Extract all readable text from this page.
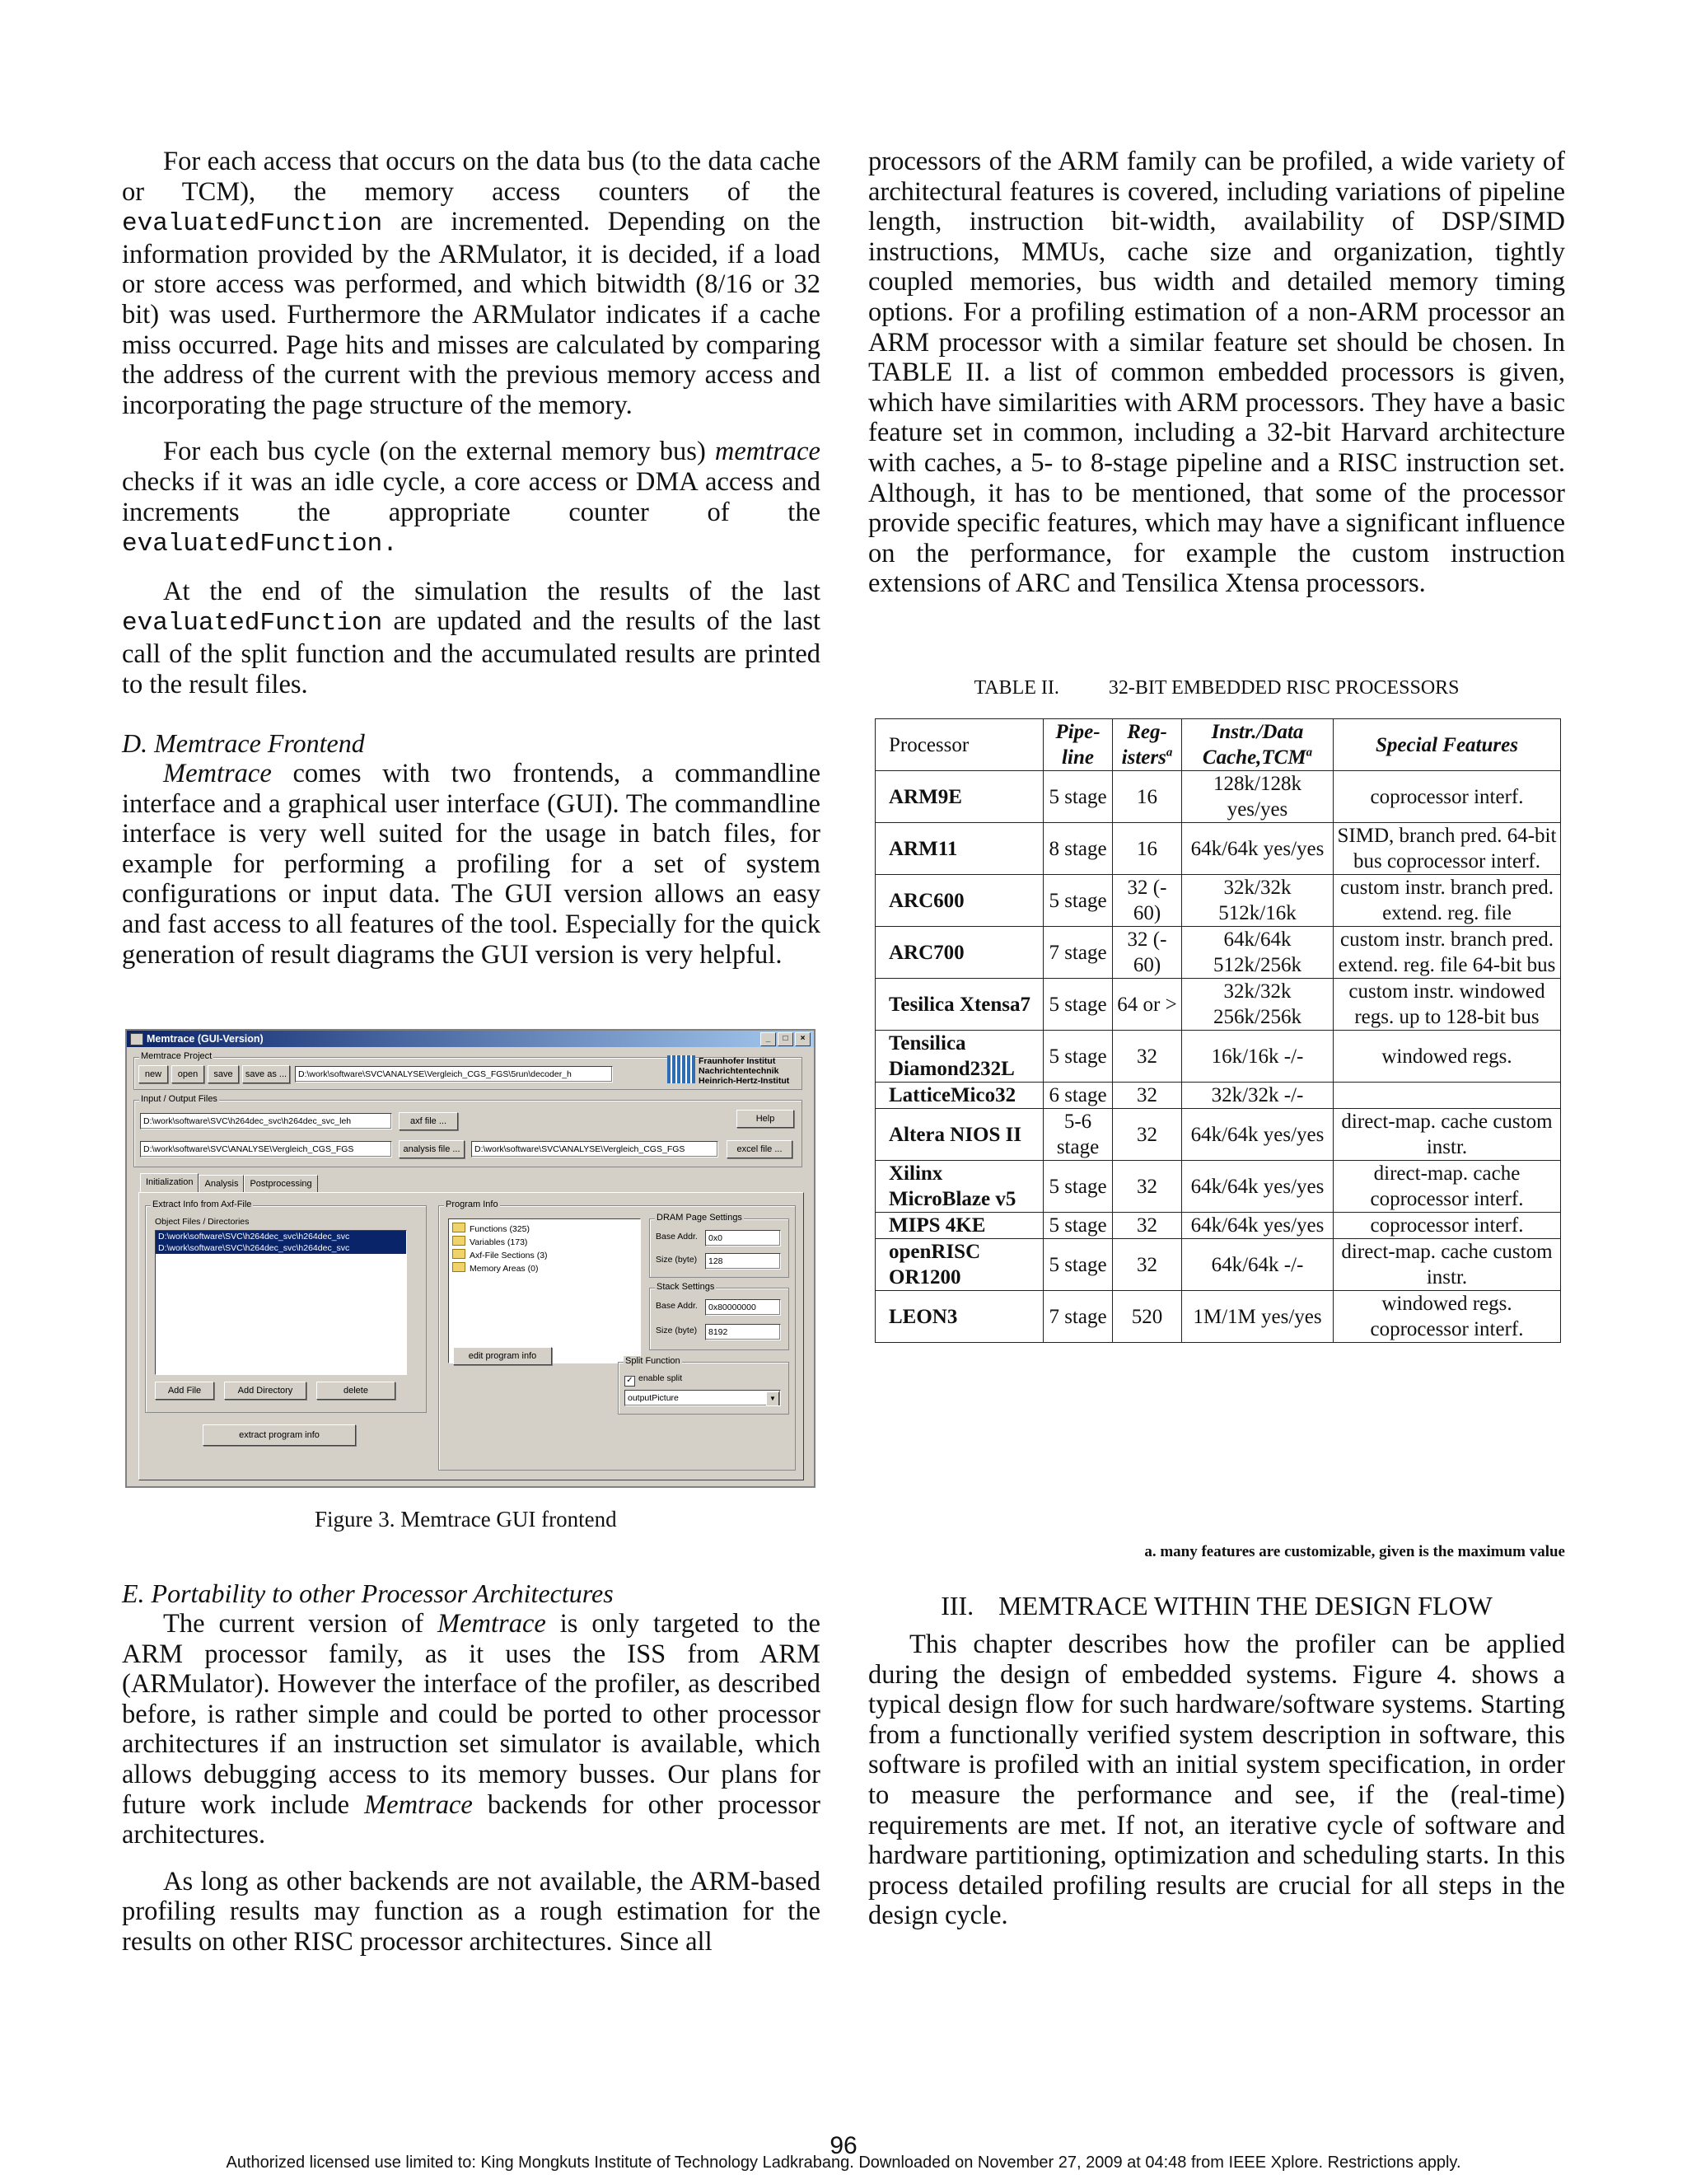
For each access that occurs on the data bus (to the data cache or TCM), the memory access counters of the evaluatedFunction are incremented. Depending on the information provided by the ARMulator, it is decided, if a load or store access was performed, and which bitwidth (8/16 or 32 bit) was used. Furthermore the ARMulator indicates if a cache miss occurred. Page hits and misses are calculated by comparing the address of the current with the previous memory access and incorporating the page structure of the memory.

For each bus cycle (on the external memory bus) memtrace checks if it was an idle cycle, a core access or DMA access and increments the appropriate counter of the evaluatedFunction.

At the end of the simulation the results of the last evaluatedFunction are updated and the results of the last call of the split function and the accumulated results are printed to the result files.

D. Memtrace Frontend

Memtrace comes with two frontends, a commandline interface and a graphical user interface (GUI). The commandline interface is very well suited for the usage in batch files, for example for performing a profiling for a set of system configurations or input data. The GUI version allows an easy and fast access to all features of the tool. Especially for the quick generation of result diagrams the GUI version is very helpful.

Memtrace (GUI-Version)	_	□	×
Memtrace Project
new	open	save	save as ...	D:\work\software\SVC\ANALYSE\Vergleich_CGS_FGS\5run\decoder_h
Fraunhofer Institut
Nachrichtentechnik
Heinrich-Hertz-Institut
Input / Output Files
D:\work\software\SVC\h264dec_svc\h264dec_svc_leh	axf file ...	Help
D:\work\software\SVC\ANALYSE\Vergleich_CGS_FGS	analysis file ...	D:\work\software\SVC\ANALYSE\Vergleich_CGS_FGS	excel file ...
Initialization	Analysis	Postprocessing
Extract Info from Axf-File
Object Files / Directories
D:\work\software\SVC\h264dec_svc\h264dec_svc
D:\work\software\SVC\h264dec_svc\h264dec_svc
Add File	Add Directory	delete
extract program info
Program Info
Functions (325)
Variables (173)
Axf-File Sections (3)
Memory Areas (0)
edit program info
DRAM Page Settings
Base Addr.	0x0
Size (byte)	128
Stack Settings
Base Addr.	0x80000000
Size (byte)	8192
Split Function
✓ enable split
outputPicture	▼
Figure 3. Memtrace GUI frontend
E. Portability to other Processor Architectures

The current version of Memtrace is only targeted to the ARM processor family, as it uses the ISS from ARM (ARMulator). However the interface of the profiler, as described before, is rather simple and could be ported to other processor architectures if an instruction set simulator is available, which allows debugging access to its memory busses. Our plans for future work include Memtrace backends for other processor architectures.

As long as other backends are not available, the ARM-based profiling results may function as a rough estimation for the results on other RISC processor architectures. Since all

processors of the ARM family can be profiled, a wide variety of architectural features is covered, including variations of pipeline length, instruction bit-width, availability of DSP/SIMD instructions, MMUs, cache size and organization, tightly coupled memories, bus width and detailed memory timing options. For a profiling estimation of a non-ARM processor an ARM processor with a similar feature set should be chosen. In TABLE II. a list of common embedded processors is given, which have similarities with ARM processors. They have a basic feature set in common, including a 32-bit Harvard architecture with caches, a 5- to 8-stage pipeline and a RISC instruction set. Although, it has to be mentioned, that some of the processor provide specific features, which may have a significant influence on the performance, for example the custom instruction extensions of ARC and Tensilica Xtensa processors.

TABLE II.	32-BIT EMBEDDED RISC PROCESSORS
Processor	Pipe-line	Reg-isters$^a$	Instr./Data Cache,TCM$^a$	Special Features
ARM9E	5 stage	16	128k/128k yes/yes	coprocessor interf.
ARM11	8 stage	16	64k/64k yes/yes	SIMD, branch pred. 64-bit bus coprocessor interf.
ARC600	5 stage	32 (- 60)	32k/32k 512k/16k	custom instr. branch pred. extend. reg. file
ARC700	7 stage	32 (- 60)	64k/64k 512k/256k	custom instr. branch pred. extend. reg. file 64-bit bus
Tesilica Xtensa7	5 stage	64 or >	32k/32k 256k/256k	custom instr. windowed regs. up to 128-bit bus
Tensilica Diamond232L	5 stage	32	16k/16k -/-	windowed regs.
LatticeMico32	6 stage	32	32k/32k -/-	
Altera NIOS II	5-6 stage	32	64k/64k yes/yes	direct-map. cache custom instr.
Xilinx MicroBlaze v5	5 stage	32	64k/64k yes/yes	direct-map. cache coprocessor interf.
MIPS 4KE	5 stage	32	64k/64k yes/yes	coprocessor interf.
openRISC OR1200	5 stage	32	64k/64k -/-	direct-map. cache custom instr.
LEON3	7 stage	520	1M/1M yes/yes	windowed regs. coprocessor interf.
a. many features are customizable, given is the maximum value
III. MEMTRACE WITHIN THE DESIGN FLOW

This chapter describes how the profiler can be applied during the design of embedded systems. Figure 4. shows a typical design flow for such hardware/software systems. Starting from a functionally verified system description in software, this software is profiled with an initial system specification, in order to measure the performance and see, if the (real-time) requirements are met. If not, an iterative cycle of software and hardware partitioning, optimization and scheduling starts. In this process detailed profiling results are crucial for all steps in the design cycle.

96
Authorized licensed use limited to: King Mongkuts Institute of Technology Ladkrabang. Downloaded on November 27, 2009 at 04:48 from IEEE Xplore. Restrictions apply.
